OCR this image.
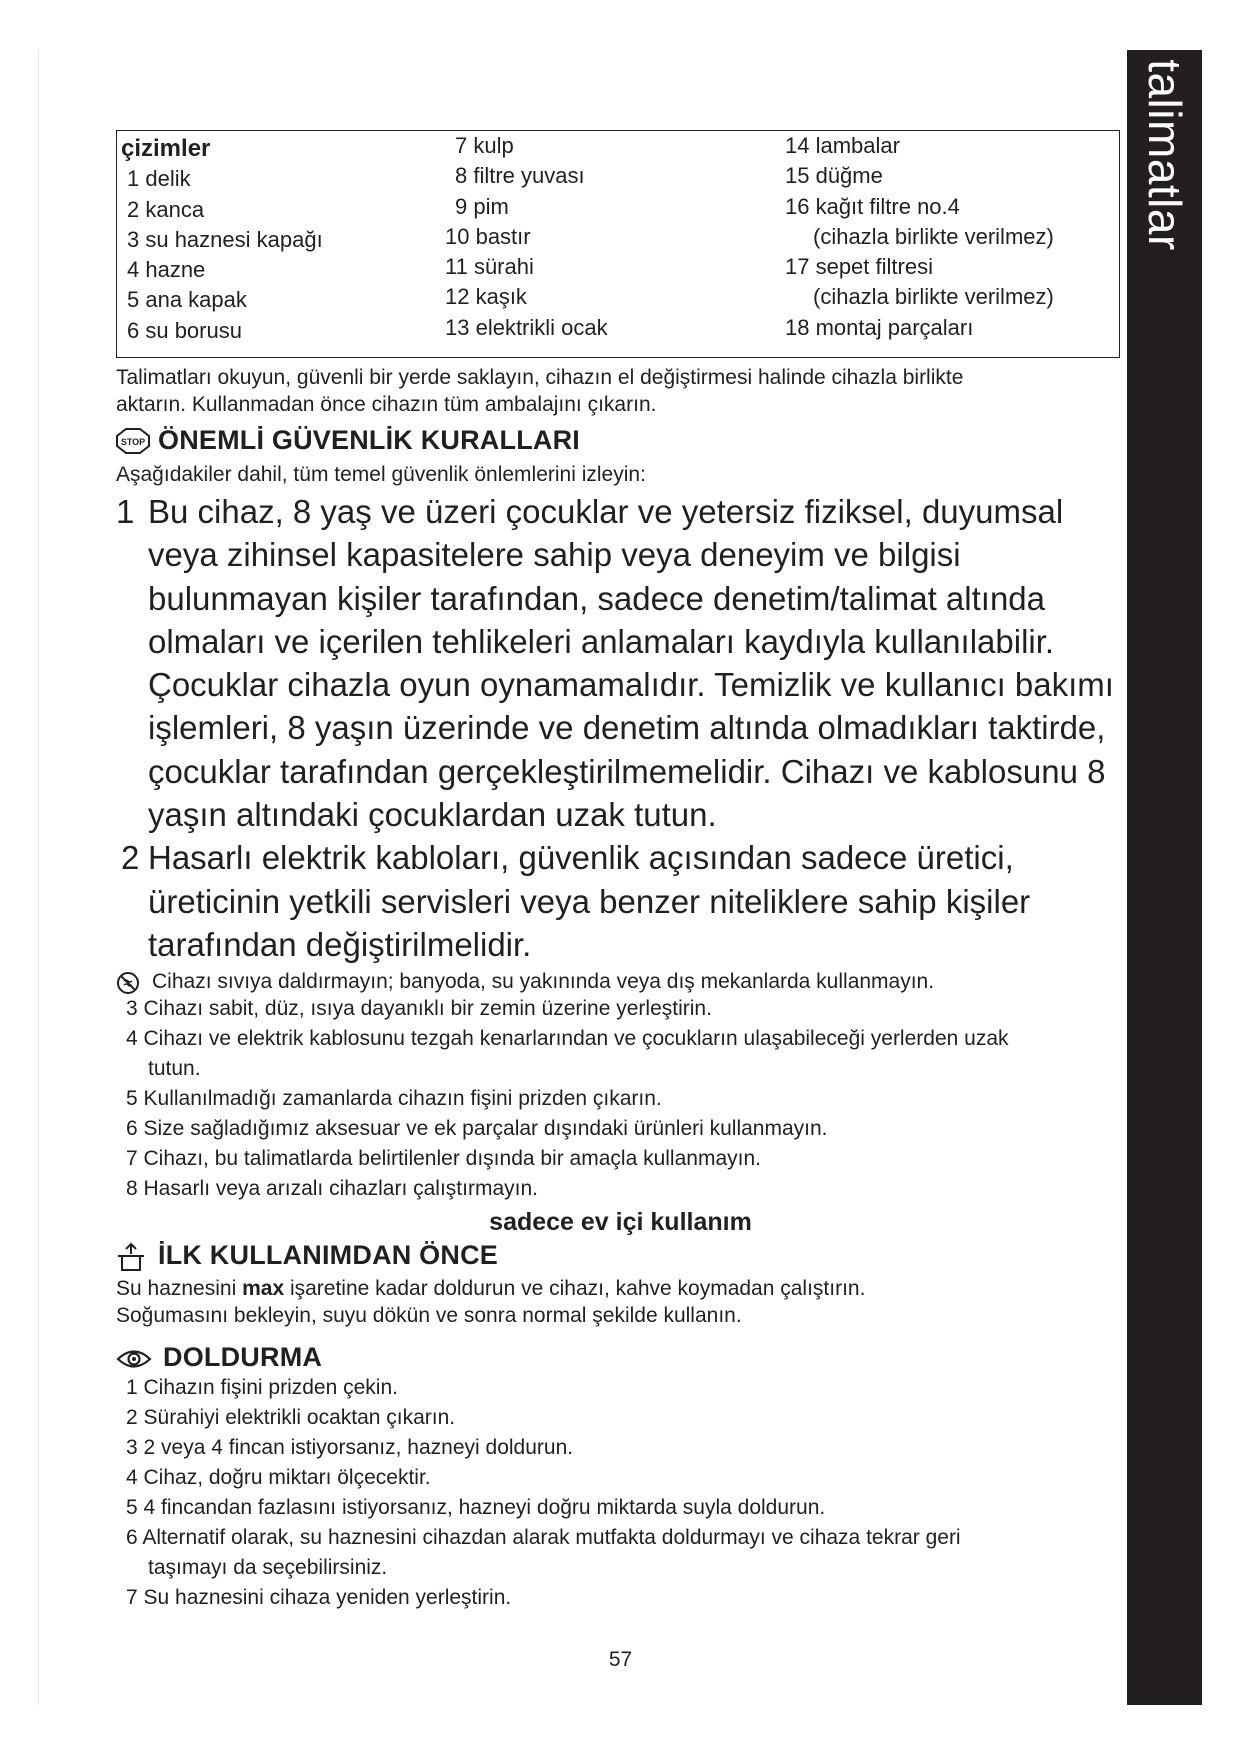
talimatlar
çizimler
1 delik
2 kanca
3 su haznesi kapağı
4 hazne
5 ana kapak
6 su borusu
7 kulp
8 filtre yuvası
9 pim
10 bastır
11 sürahi
12 kaşık
13 elektrikli ocak
14 lambalar
15 düğme
16 kağıt filtre no.4
(cihazla birlikte verilmez)
17 sepet filtresi
(cihazla birlikte verilmez)
18 montaj parçaları
Talimatları okuyun, güvenli bir yerde saklayın, cihazın el değiştirmesi halinde cihazla birlikte
aktarın. Kullanmadan önce cihazın tüm ambalajını çıkarın.
STOP ÖNEMLİ GÜVENLİK KURALLARI
Aşağıdakiler dahil, tüm temel güvenlik önlemlerini izleyin:
1 Bu cihaz, 8 yaş ve üzeri çocuklar ve yetersiz fiziksel, duyumsal
veya zihinsel kapasitelere sahip veya deneyim ve bilgisi
bulunmayan kişiler tarafından, sadece denetim/talimat altında
olmaları ve içerilen tehlikeleri anlamaları kaydıyla kullanılabilir.
Çocuklar cihazla oyun oynamamalıdır. Temizlik ve kullanıcı bakımı
işlemleri, 8 yaşın üzerinde ve denetim altında olmadıkları taktirde,
çocuklar tarafından gerçekleştirilmemelidir. Cihazı ve kablosunu 8
yaşın altındaki çocuklardan uzak tutun.
2 Hasarlı elektrik kabloları, güvenlik açısından sadece üretici,
üreticinin yetkili servisleri veya benzer niteliklere sahip kişiler
tarafından değiştirilmelidir.
Cihazı sıvıya daldırmayın; banyoda, su yakınında veya dış mekanlarda kullanmayın.
3 Cihazı sabit, düz, ısıya dayanıklı bir zemin üzerine yerleştirin.
4 Cihazı ve elektrik kablosunu tezgah kenarlarından ve çocukların ulaşabileceği yerlerden uzak
tutun.
5 Kullanılmadığı zamanlarda cihazın fişini prizden çıkarın.
6 Size sağladığımız aksesuar ve ek parçalar dışındaki ürünleri kullanmayın.
7 Cihazı, bu talimatlarda belirtilenler dışında bir amaçla kullanmayın.
8 Hasarlı veya arızalı cihazları çalıştırmayın.
sadece ev içi kullanım
İLK KULLANIMDAN ÖNCE
Su haznesini max işaretine kadar doldurun ve cihazı, kahve koymadan çalıştırın.
Soğumasını bekleyin, suyu dökün ve sonra normal şekilde kullanın.
DOLDURMA
1 Cihazın fişini prizden çekin.
2 Sürahiyi elektrikli ocaktan çıkarın.
3 2 veya 4 fincan istiyorsanız, hazneyi doldurun.
4 Cihaz, doğru miktarı ölçecektir.
5 4 fincandan fazlasını istiyorsanız, hazneyi doğru miktarda suyla doldurun.
6 Alternatif olarak, su haznesini cihazdan alarak mutfakta doldurmayı ve cihaza tekrar geri
taşımayı da seçebilirsiniz.
7 Su haznesini cihaza yeniden yerleştirin.
57
